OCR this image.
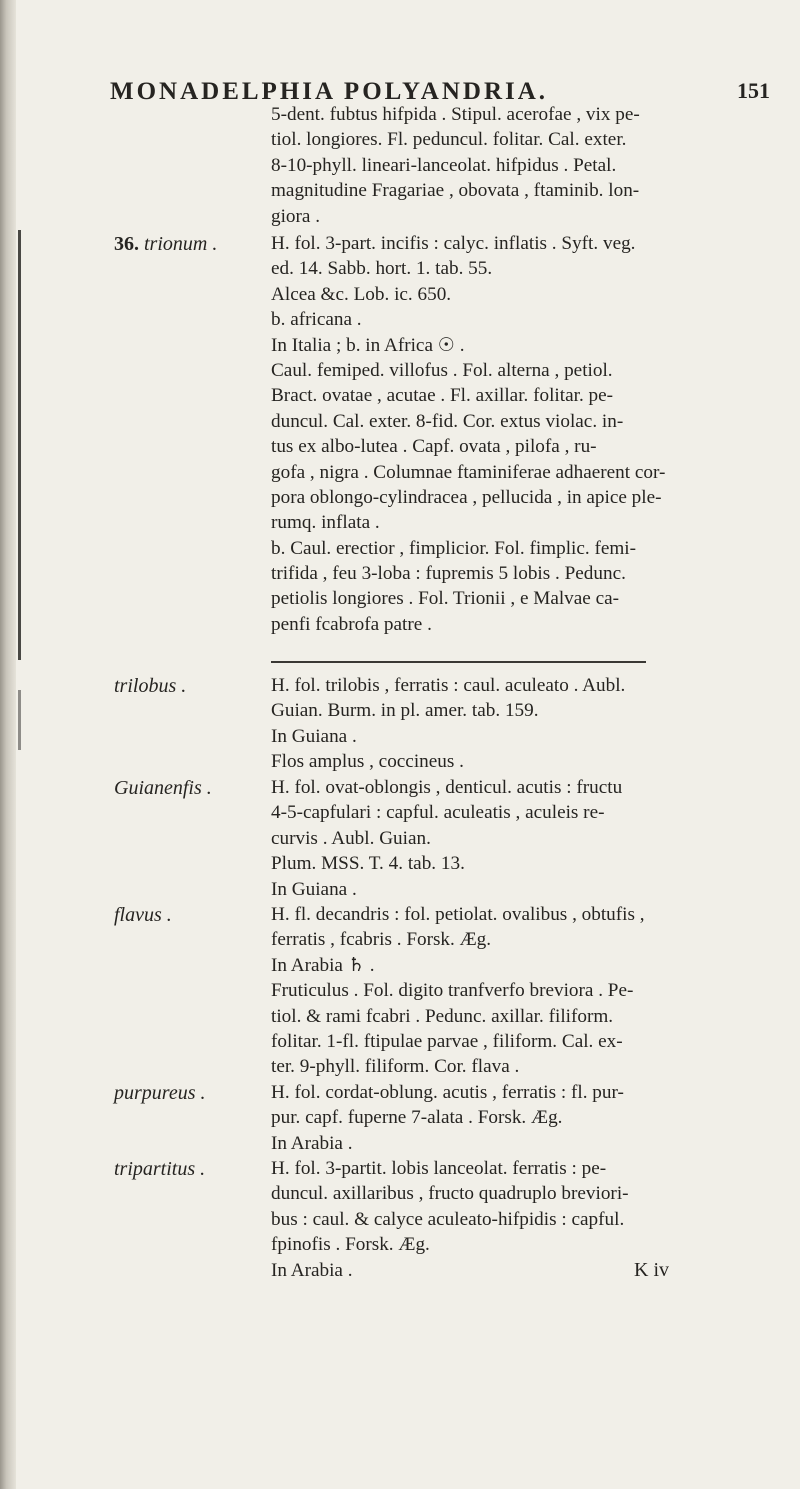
MONADELPHIA POLYANDRIA.	151
5-dent. fubtus hifpida . Stipul. acerofae , vix pe-
tiol. longiores. Fl. peduncul. folitar. Cal. exter.
8-10-phyll. lineari-lanceolat. hifpidus . Petal.
magnitudine Fragariae , obovata , ftaminib. lon-
giora .
36. trionum .	H. fol. 3-part. incifis : calyc. inflatis . Syft. veg.
ed. 14. Sabb. hort. 1. tab. 55.
Alcea &c. Lob. ic. 650.
b. africana .
In Italia ; b. in Africa ☉ .
Caul. femiped. villofus . Fol. alterna , petiol.
Bract. ovatae , acutae . Fl. axillar. folitar. pe-
duncul. Cal. exter. 8-fid. Cor. extus violac. in-
tus ex albo-lutea . Capf. ovata , pilofa , ru-
gofa , nigra . Columnae ftaminiferae adhaerent cor-
pora oblongo-cylindracea , pellucida , in apice ple-
rumq. inflata .
b. Caul. erectior , fimplicior. Fol. fimplic. femi-
trifida , feu 3-loba : fupremis 5 lobis . Pedunc.
petiolis longiores . Fol. Trionii , e Malvae ca-
penfi fcabrofa patre .
trilobus .	H. fol. trilobis , ferratis : caul. aculeato . Aubl.
Guian. Burm. in pl. amer. tab. 159.
In Guiana .
Flos amplus , coccineus .
Guianenfis .	H. fol. ovat-oblongis , denticul. acutis : fructu
4-5-capfulari : capful. aculeatis , aculeis re-
curvis . Aubl. Guian.
Plum. MSS. T. 4. tab. 13.
In Guiana .
flavus .	H. fl. decandris : fol. petiolat. ovalibus , obtufis ,
ferratis , fcabris . Forsk. Æg.
In Arabia ♄ .
Fruticulus . Fol. digito tranfverfo breviora . Pe-
tiol. & rami fcabri . Pedunc. axillar. filiform.
folitar. 1-fl. ftipulae parvae , filiform. Cal. ex-
ter. 9-phyll. filiform. Cor. flava .
purpureus .	H. fol. cordat-oblung. acutis , ferratis : fl. pur-
pur. capf. fuperne 7-alata . Forsk. Æg.
In Arabia .
tripartitus .	H. fol. 3-partit. lobis lanceolat. ferratis : pe-
duncul. axillaribus , fructo quadruplo breviori-
bus : caul. & calyce aculeato-hifpidis : capful.
fpinofis . Forsk. Æg.
In Arabia .	K iv
